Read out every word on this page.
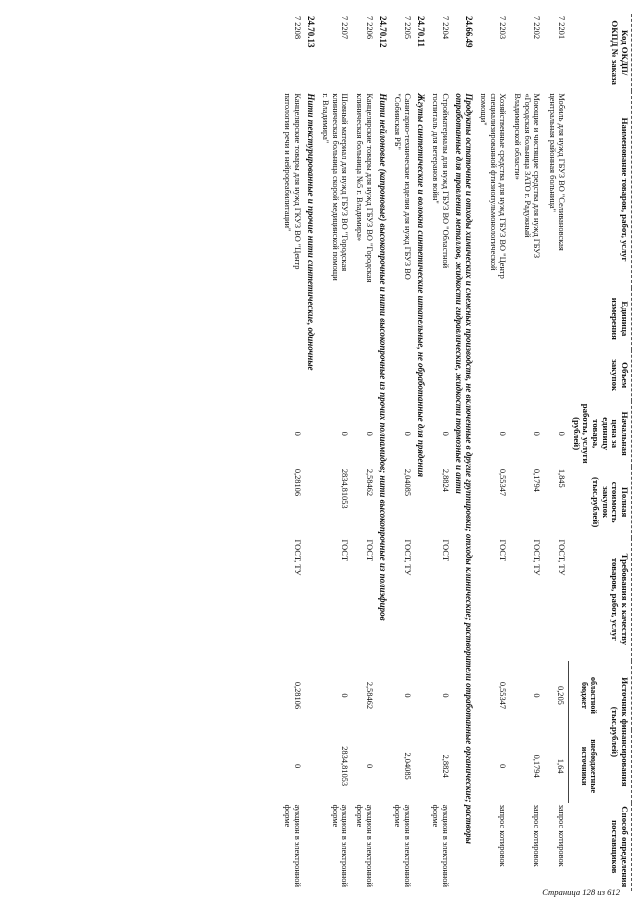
Код ОКДП/ ОКПД № заказа	Наименование товаров, работ, услуг	Единица измерения	Объем закупок	Начальная цена за единицу товара, работы, услуги (рублей)	Полная стоимость закупок (тыс.рублей)	Требования к качеству товаров, работ, услуг	Источник финансирования (тыс.рублей)		Способ определения поставщиков
							областной бюджет	внебюджетные источники	
7 2201	Мобиль для нужд ГБУЗ ВО "Селивановская центральная районная больница"			0	1,845	ГОСТ, ТУ	0,205	1,64	запрос котировок
7 2202	Моющие и чистящие средства для нужд ГБУЗ «Городская больница ЗАТО г. Радужный Владимирской области»			0	0,1794	ГОСТ, ТУ	0	0,1794	запрос котировок
7 2203	Хозяйственные средства для нужд ГБУЗ ВО "Центр специализированной фтизиопульмонологической помощи"			0	0,55347	ГОСТ	0,55347	0	запрос котировок
24.66.49	Продукты остаточные и отходы химических и смежных производств, не включенные в другие группировки; отходы клинические; растворители отработанные органические; растворы отработанные для травления металлов, жидкости гидравлические, жидкости тормозные и анти								
7 2204	Стройматериалы для нужд ГБУЗ ВО "Областной госпиталь для ветеранов войн"			0	2,8824	ГОСТ	0	2,8824	аукцион в электронной форме
24.70.11	Жгуты синтетические и волокна синтетические штапельные, не обработанные для прядения								
7 2205	Санитарно-технические изделия для нужд ГБУЗ ВО "Собинская РБ"			0	2,04085	ГОСТ, ТУ	0	2,04085	аукцион в электронной форме
24.70.12	Нити нейлоновые (капроновые) высокопрочные и нити высокопрочные из прочих полиамидов; нити высокопрочные из полиэфиров								
7 2206	Канцелярские товары для нужд ГБУЗ ВО "Городская клиническая больница №5 г. Владимира»			0	2,58462	ГОСТ	2,58462	0	аукцион в электронной форме
7 2207	Шовный материал для нужд ГБУЗ ВО "Городская клиническая больница скорой медицинской помощи г. Владимира"			0	2834,81053	ГОСТ	0	2834,81053	аукцион в электронной форме
24.70.13	Нити текстурированные и прочие нити синтетические, одиночные								
7 2208	Канцелярские товары для нужд ГКУЗ ВО "Центр патологии речи и нейрореабилитации"			0	0,28106	ГОСТ, ТУ	0,28106	0	аукцион в электронной форме
Страница 128 из 612
